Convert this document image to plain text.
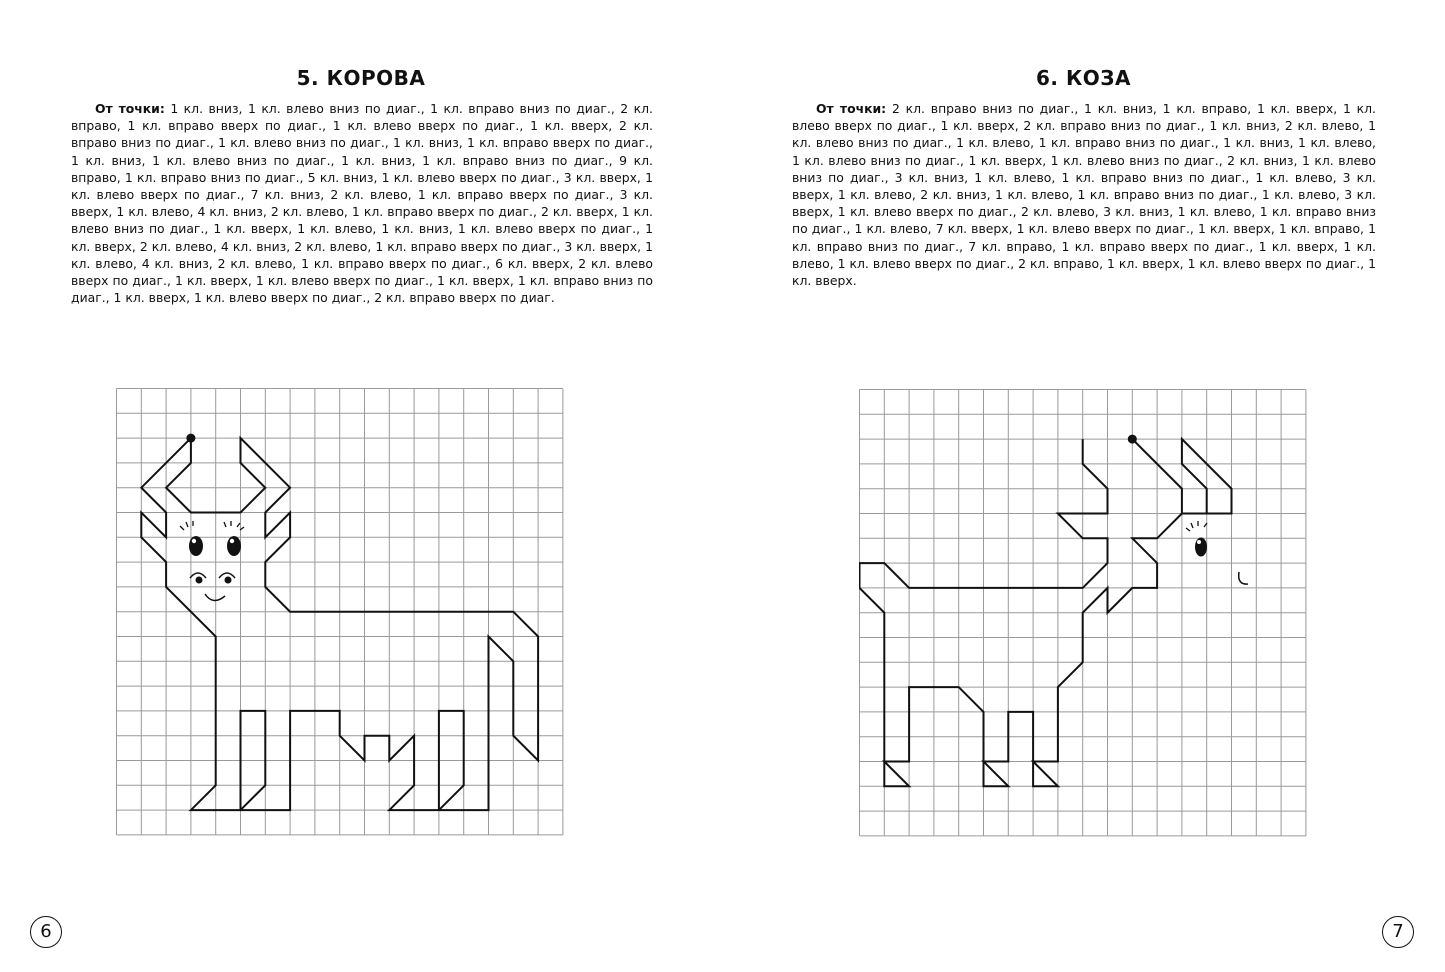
5. КОРОВА
От точки: 1 кл. вниз, 1 кл. влево вниз по диаг., 1 кл. вправо вниз по диаг., 2 кл. вправо, 1 кл. вправо вверх по диаг., 1 кл. влево вверх по диаг., 1 кл. вверх, 2 кл. вправо вниз по диаг., 1 кл. влево вниз по диаг., 1 кл. вниз, 1 кл. вправо вверх по диаг., 1 кл. вниз, 1 кл. влево вниз по диаг., 1 кл. вниз, 1 кл. вправо вниз по диаг., 9 кл. вправо, 1 кл. вправо вниз по диаг., 5 кл. вниз, 1 кл. влево вверх по диаг., 3 кл. вверх, 1 кл. влево вверх по диаг., 7 кл. вниз, 2 кл. влево, 1 кл. вправо вверх по диаг., 3 кл. вверх, 1 кл. влево, 4 кл. вниз, 2 кл. влево, 1 кл. вправо вверх по диаг., 2 кл. вверх, 1 кл. влево вниз по диаг., 1 кл. вверх, 1 кл. влево, 1 кл. вниз, 1 кл. влево вверх по диаг., 1 кл. вверх, 2 кл. влево, 4 кл. вниз, 2 кл. влево, 1 кл. вправо вверх по диаг., 3 кл. вверх, 1 кл. влево, 4 кл. вниз, 2 кл. влево, 1 кл. вправо вверх по диаг., 6 кл. вверх, 2 кл. влево вверх по диаг., 1 кл. вверх, 1 кл. влево вверх по диаг., 1 кл. вверх, 1 кл. вправо вниз по диаг., 1 кл. вверх, 1 кл. влево вверх по диаг., 2 кл. вправо вверх по диаг.
6
6. КОЗА
От точки: 2 кл. вправо вниз по диаг., 1 кл. вниз, 1 кл. вправо, 1 кл. вверх, 1 кл. влево вверх по диаг., 1 кл. вверх, 2 кл. вправо вниз по диаг., 1 кл. вниз, 2 кл. влево, 1 кл. влево вниз по диаг., 1 кл. влево, 1 кл. вправо вниз по диаг., 1 кл. вниз, 1 кл. влево, 1 кл. влево вниз по диаг., 1 кл. вверх, 1 кл. влево вниз по диаг., 2 кл. вниз, 1 кл. влево вниз по диаг., 3 кл. вниз, 1 кл. влево, 1 кл. вправо вниз по диаг., 1 кл. влево, 3 кл. вверх, 1 кл. влево, 2 кл. вниз, 1 кл. влево, 1 кл. вправо вниз по диаг., 1 кл. влево, 3 кл. вверх, 1 кл. влево вверх по диаг., 2 кл. влево, 3 кл. вниз, 1 кл. влево, 1 кл. вправо вниз по диаг., 1 кл. влево, 7 кл. вверх, 1 кл. влево вверх по диаг., 1 кл. вверх, 1 кл. вправо, 1 кл. вправо вниз по диаг., 7 кл. вправо, 1 кл. вправо вверх по диаг., 1 кл. вверх, 1 кл. влево, 1 кл. влево вверх по диаг., 2 кл. вправо, 1 кл. вверх, 1 кл. влево вверх по диаг., 1 кл. вверх.
7
